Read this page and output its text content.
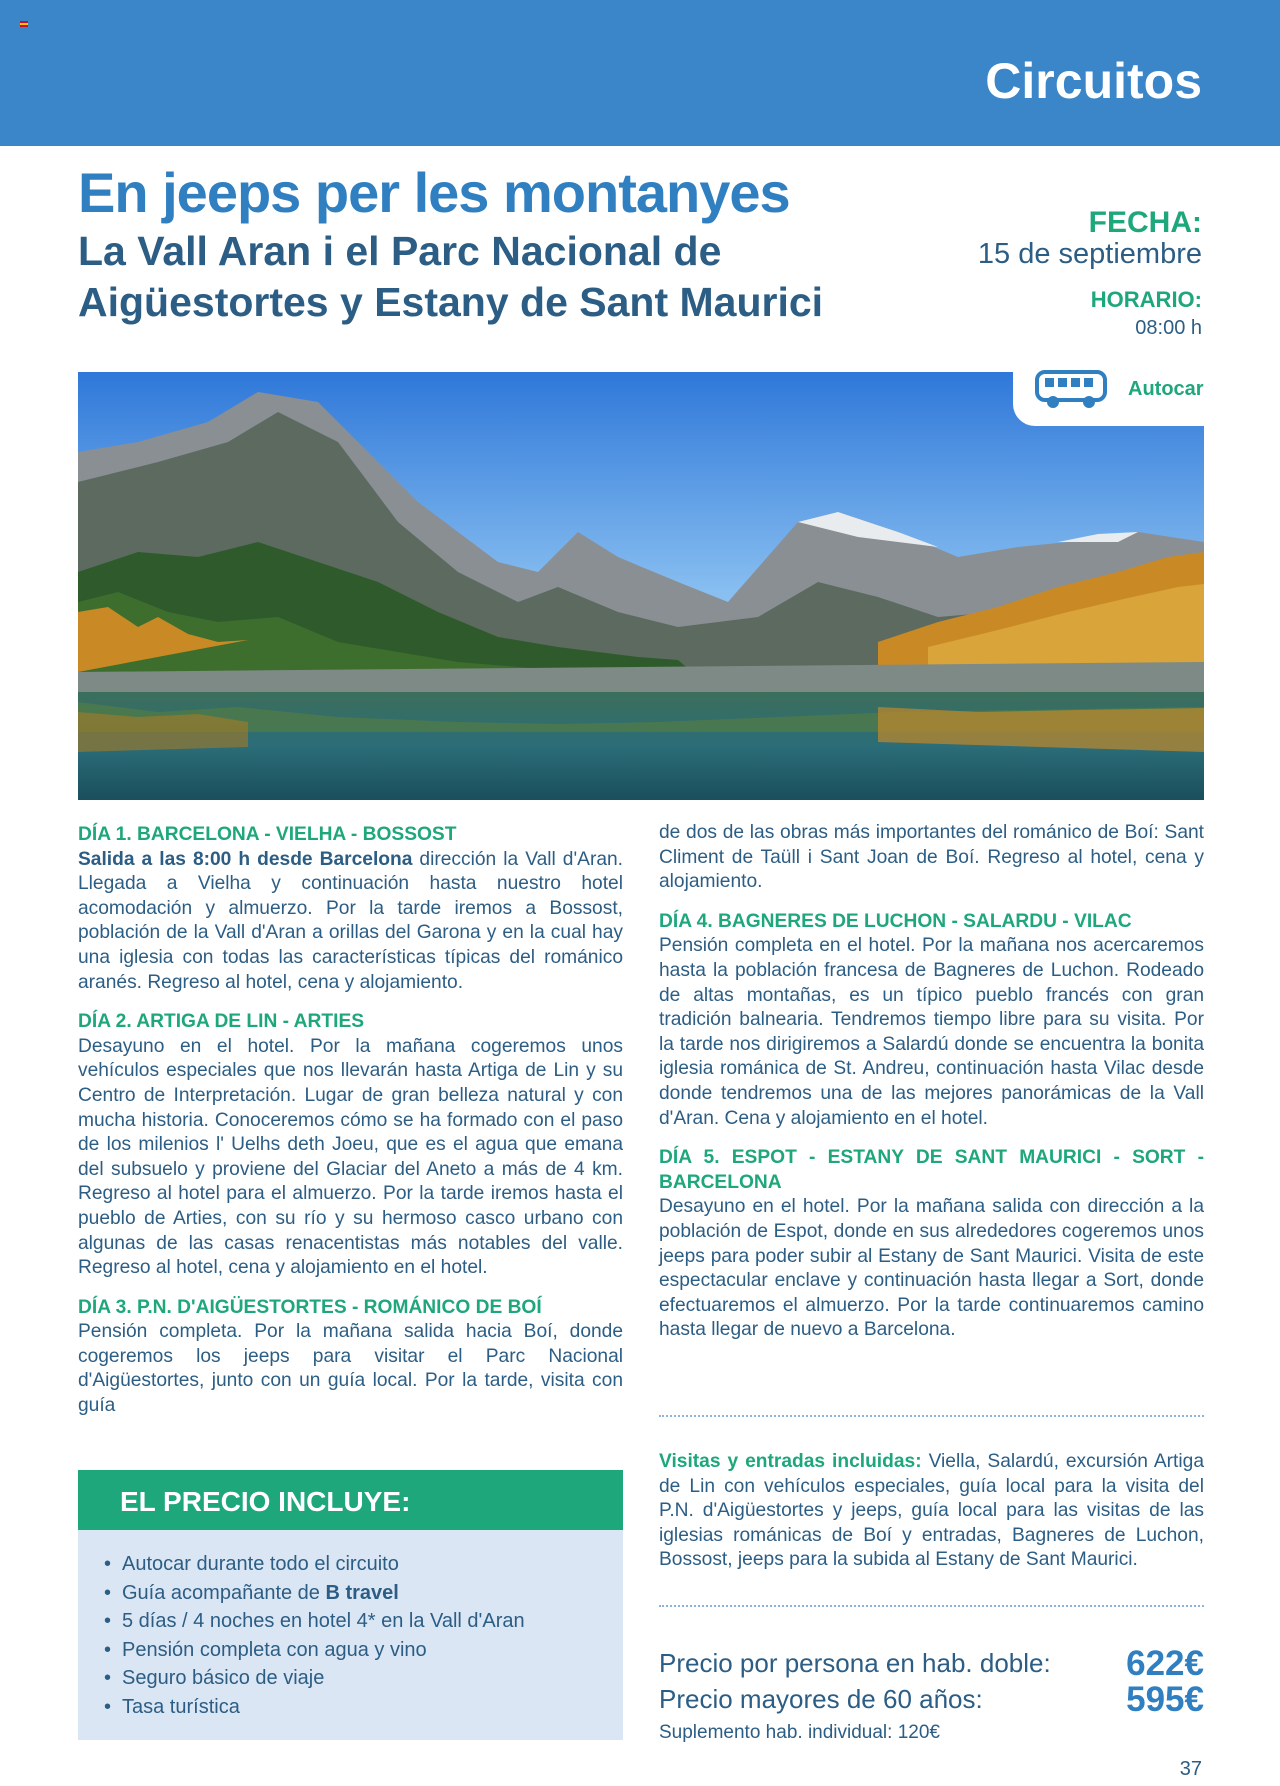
Circuitos
En jeeps per les montanyes
La Vall Aran i el Parc Nacional de Aigüestortes y Estany de Sant Maurici
FECHA:
15 de septiembre
HORARIO:
08:00 h
Autocar

DÍA 1. BARCELONA - VIELHA - BOSSOST
Salida a las 8:00 h desde Barcelona dirección la Vall d'Aran. Llegada a Vielha y continuación hasta nuestro hotel acomodación y almuerzo. Por la tarde iremos a Bossost, población de la Vall d'Aran a orillas del Garona y en la cual hay una iglesia con todas las características típicas del románico aranés. Regreso al hotel, cena y alojamiento.

DÍA 2. ARTIGA DE LIN - ARTIES
Desayuno en el hotel. Por la mañana cogeremos unos vehículos especiales que nos llevarán hasta Artiga de Lin y su Centro de Interpretación. Lugar de gran belleza natural y con mucha historia. Conoceremos cómo se ha formado con el paso de los milenios l' Uelhs deth Joeu, que es el agua que emana del subsuelo y proviene del Glaciar del Aneto a más de 4 km. Regreso al hotel para el almuerzo. Por la tarde iremos hasta el pueblo de Arties, con su río y su hermoso casco urbano con algunas de las casas renacentistas más notables del valle. Regreso al hotel, cena y alojamiento en el hotel.

DÍA 3. P.N. D'AIGÜESTORTES - ROMÁNICO DE BOÍ
Pensión completa. Por la mañana salida hacia Boí, donde cogeremos los jeeps para visitar el Parc Nacional d'Aigüestortes, junto con un guía local. Por la tarde, visita con guía

de dos de las obras más importantes del románico de Boí: Sant Climent de Taüll i Sant Joan de Boí. Regreso al hotel, cena y alojamiento.

DÍA 4. BAGNERES DE LUCHON - SALARDU - VILAC
Pensión completa en el hotel. Por la mañana nos acercaremos hasta la población francesa de Bagneres de Luchon. Rodeado de altas montañas, es un típico pueblo francés con gran tradición balnearia. Tendremos tiempo libre para su visita. Por la tarde nos dirigiremos a Salardú donde se encuentra la bonita iglesia románica de St. Andreu, continuación hasta Vilac desde donde tendremos una de las mejores panorámicas de la Vall d'Aran. Cena y alojamiento en el hotel.

DÍA 5. ESPOT - ESTANY DE SANT MAURICI - SORT - BARCELONA
Desayuno en el hotel. Por la mañana salida con dirección a la población de Espot, donde en sus alrededores cogeremos unos jeeps para poder subir al Estany de Sant Maurici. Visita de este espectacular enclave y continuación hasta llegar a Sort, donde efectuaremos el almuerzo. Por la tarde continuaremos camino hasta llegar de nuevo a Barcelona.

EL PRECIO INCLUYE:
• Autocar durante todo el circuito
• Guía acompañante de B travel
• 5 días / 4 noches en hotel 4* en la Vall d'Aran
• Pensión completa con agua y vino
• Seguro básico de viaje
• Tasa turística
Visitas y entradas incluidas: Viella, Salardú, excursión Artiga de Lin con vehículos especiales, guía local para la visita del P.N. d'Aigüestortes y jeeps, guía local para las visitas de las iglesias románicas de Boí y entradas, Bagneres de Luchon, Bossost, jeeps para la subida al Estany de Sant Maurici.
Precio por persona en hab. doble: 622€
Precio mayores de 60 años:	595€
Suplemento hab. individual: 120€
37
